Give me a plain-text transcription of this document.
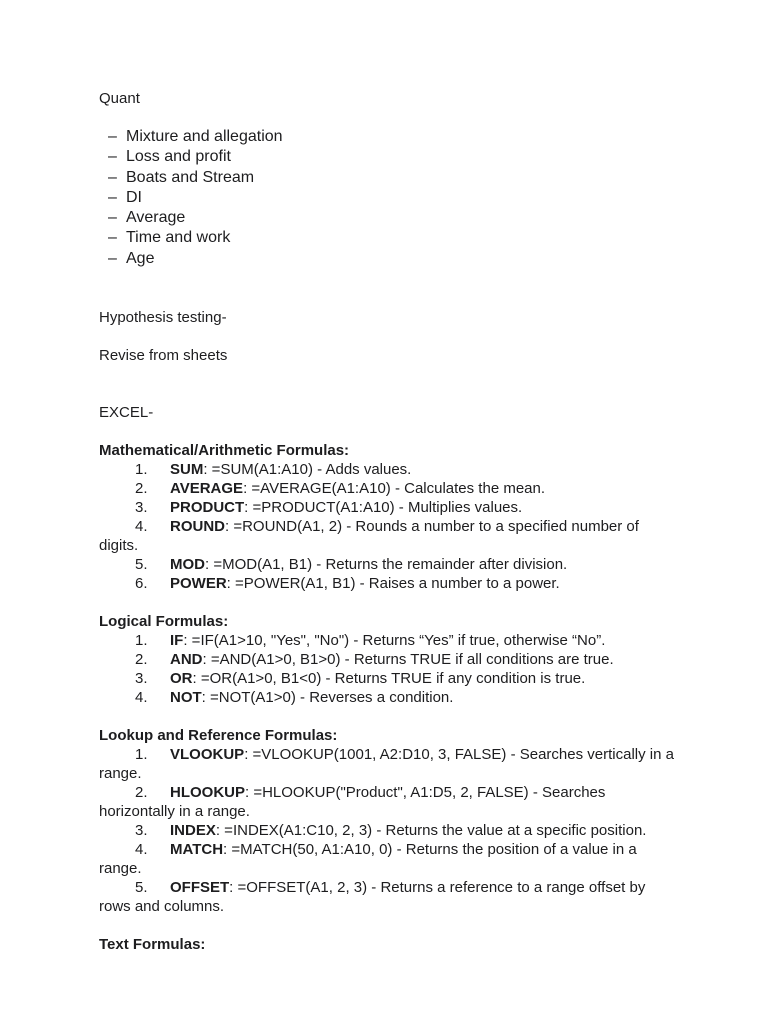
Quant

– Mixture and allegation
– Loss and profit
– Boats and Stream
– DI
– Average
– Time and work
– Age

Hypothesis testing-

Revise from sheets

EXCEL-

Mathematical/Arithmetic Formulas:

1. SUM: =SUM(A1:A10) - Adds values.
2. AVERAGE: =AVERAGE(A1:A10) - Calculates the mean.
3. PRODUCT: =PRODUCT(A1:A10) - Multiplies values.
4. ROUND: =ROUND(A1, 2) - Rounds a number to a specified number of digits.
5. MOD: =MOD(A1, B1) - Returns the remainder after division.
6. POWER: =POWER(A1, B1) - Raises a number to a power.

Logical Formulas:

1. IF: =IF(A1>10, "Yes", "No") - Returns “Yes” if true, otherwise “No”.
2. AND: =AND(A1>0, B1>0) - Returns TRUE if all conditions are true.
3. OR: =OR(A1>0, B1<0) - Returns TRUE if any condition is true.
4. NOT: =NOT(A1>0) - Reverses a condition.

Lookup and Reference Formulas:

1. VLOOKUP: =VLOOKUP(1001, A2:D10, 3, FALSE) - Searches vertically in a range.
2. HLOOKUP: =HLOOKUP("Product", A1:D5, 2, FALSE) - Searches horizontally in a range.
3. INDEX: =INDEX(A1:C10, 2, 3) - Returns the value at a specific position.
4. MATCH: =MATCH(50, A1:A10, 0) - Returns the position of a value in a range.
5. OFFSET: =OFFSET(A1, 2, 3) - Returns a reference to a range offset by rows and columns.

Text Formulas:
